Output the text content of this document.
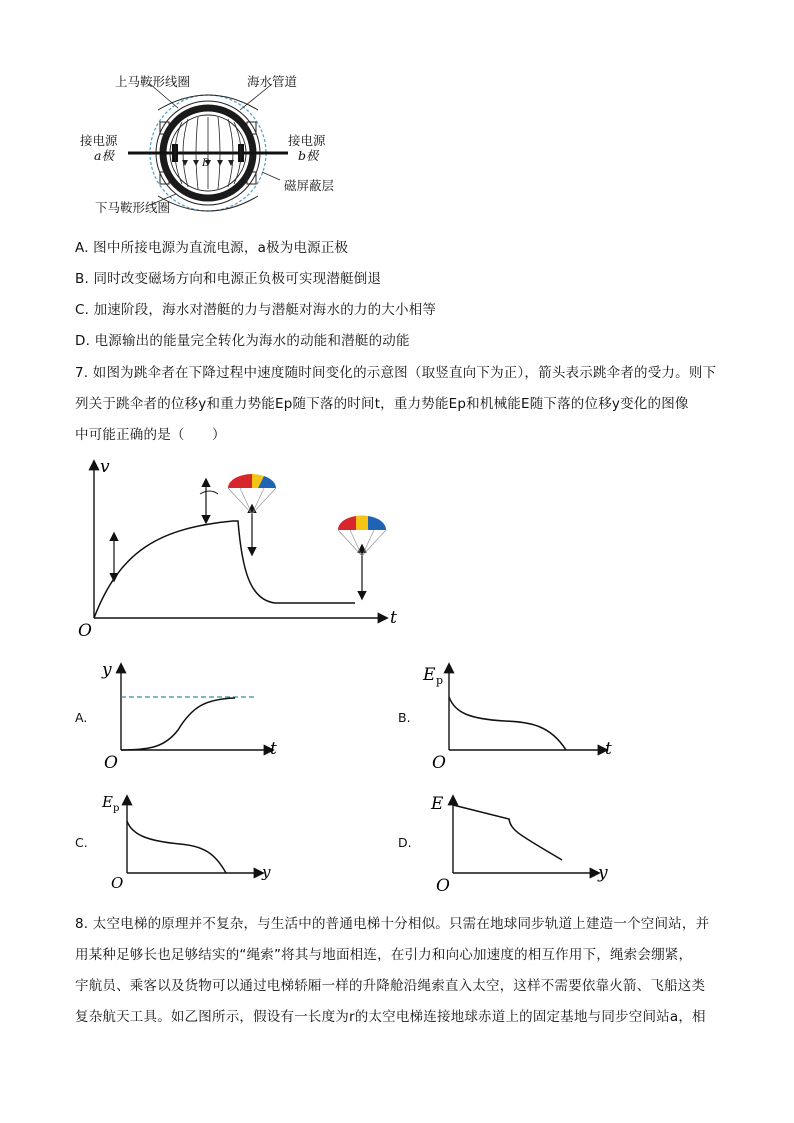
上马鞍形线圈	海水管道
接电源
a极
接电源
b极
B
磁屏蔽层
下马鞍形线圈
A. 图中所接电源为直流电源，a极为电源正极
B. 同时改变磁场方向和电源正负极可实现潜艇倒退
C. 加速阶段，海水对潜艇的力与潜艇对海水的力的大小相等
D. 电源输出的能量完全转化为海水的动能和潜艇的动能
7. 如图为跳伞者在下降过程中速度随时间变化的示意图（取竖直向下为正），箭头表示跳伞者的受力。则下
列关于跳伞者的位移y和重力势能Ep随下落的时间t，重力势能Ep和机械能E随下落的位移y变化的图像
中可能正确的是（　　）
v
t
O
A.	B.
C.	D.
y
t
O
E p
t
O
E p
y
O
E
y
O
8. 太空电梯的原理并不复杂，与生活中的普通电梯十分相似。只需在地球同步轨道上建造一个空间站，并
用某种足够长也足够结实的“绳索”将其与地面相连，在引力和向心加速度的相互作用下，绳索会绷紧，
宇航员、乘客以及货物可以通过电梯轿厢一样的升降舱沿绳索直入太空，这样不需要依靠火箭、飞船这类
复杂航天工具。如乙图所示，假设有一长度为r的太空电梯连接地球赤道上的固定基地与同步空间站a，相
